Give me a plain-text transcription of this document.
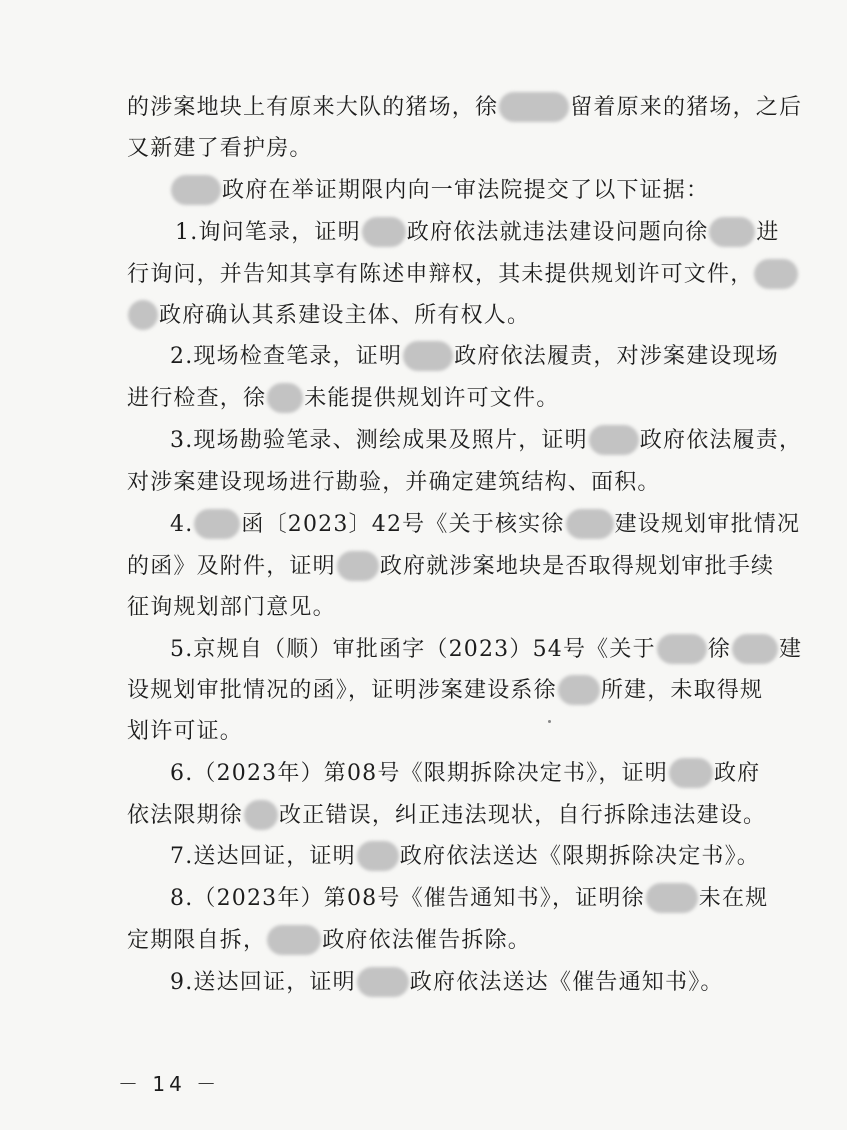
的涉案地块上有原来大队的猪场，徐	留着原来的猪场，之后
又新建了看护房。
政府在举证期限内向一审法院提交了以下证据：
1.询问笔录，证明 政府依法就违法建设问题向徐 进
行询问，并告知其享有陈述申辩权，其未提供规划许可文件，
政府确认其系建设主体、所有权人。
2.现场检查笔录，证明 政府依法履责，对涉案建设现场
进行检查，徐 未能提供规划许可文件。
3.现场勘验笔录、测绘成果及照片，证明 政府依法履责，
对涉案建设现场进行勘验，并确定建筑结构、面积。
4. 函〔2023〕42号《关于核实徐 建设规划审批情况
的函》及附件，证明 政府就涉案地块是否取得规划审批手续
征询规划部门意见。
5.京规自（顺）审批函字（2023）54号《关于 徐 建
设规划审批情况的函》，证明涉案建设系徐 所建，未取得规
划许可证。
6.（2023年）第08号《限期拆除决定书》，证明 政府
依法限期徐 改正错误，纠正违法现状，自行拆除违法建设。
7.送达回证，证明 政府依法送达《限期拆除决定书》。
8.（2023年）第08号《催告通知书》，证明徐 未在规
定期限自拆，	政府依法催告拆除。
9.送达回证，证明 政府依法送达《催告通知书》。
－ 14 －
